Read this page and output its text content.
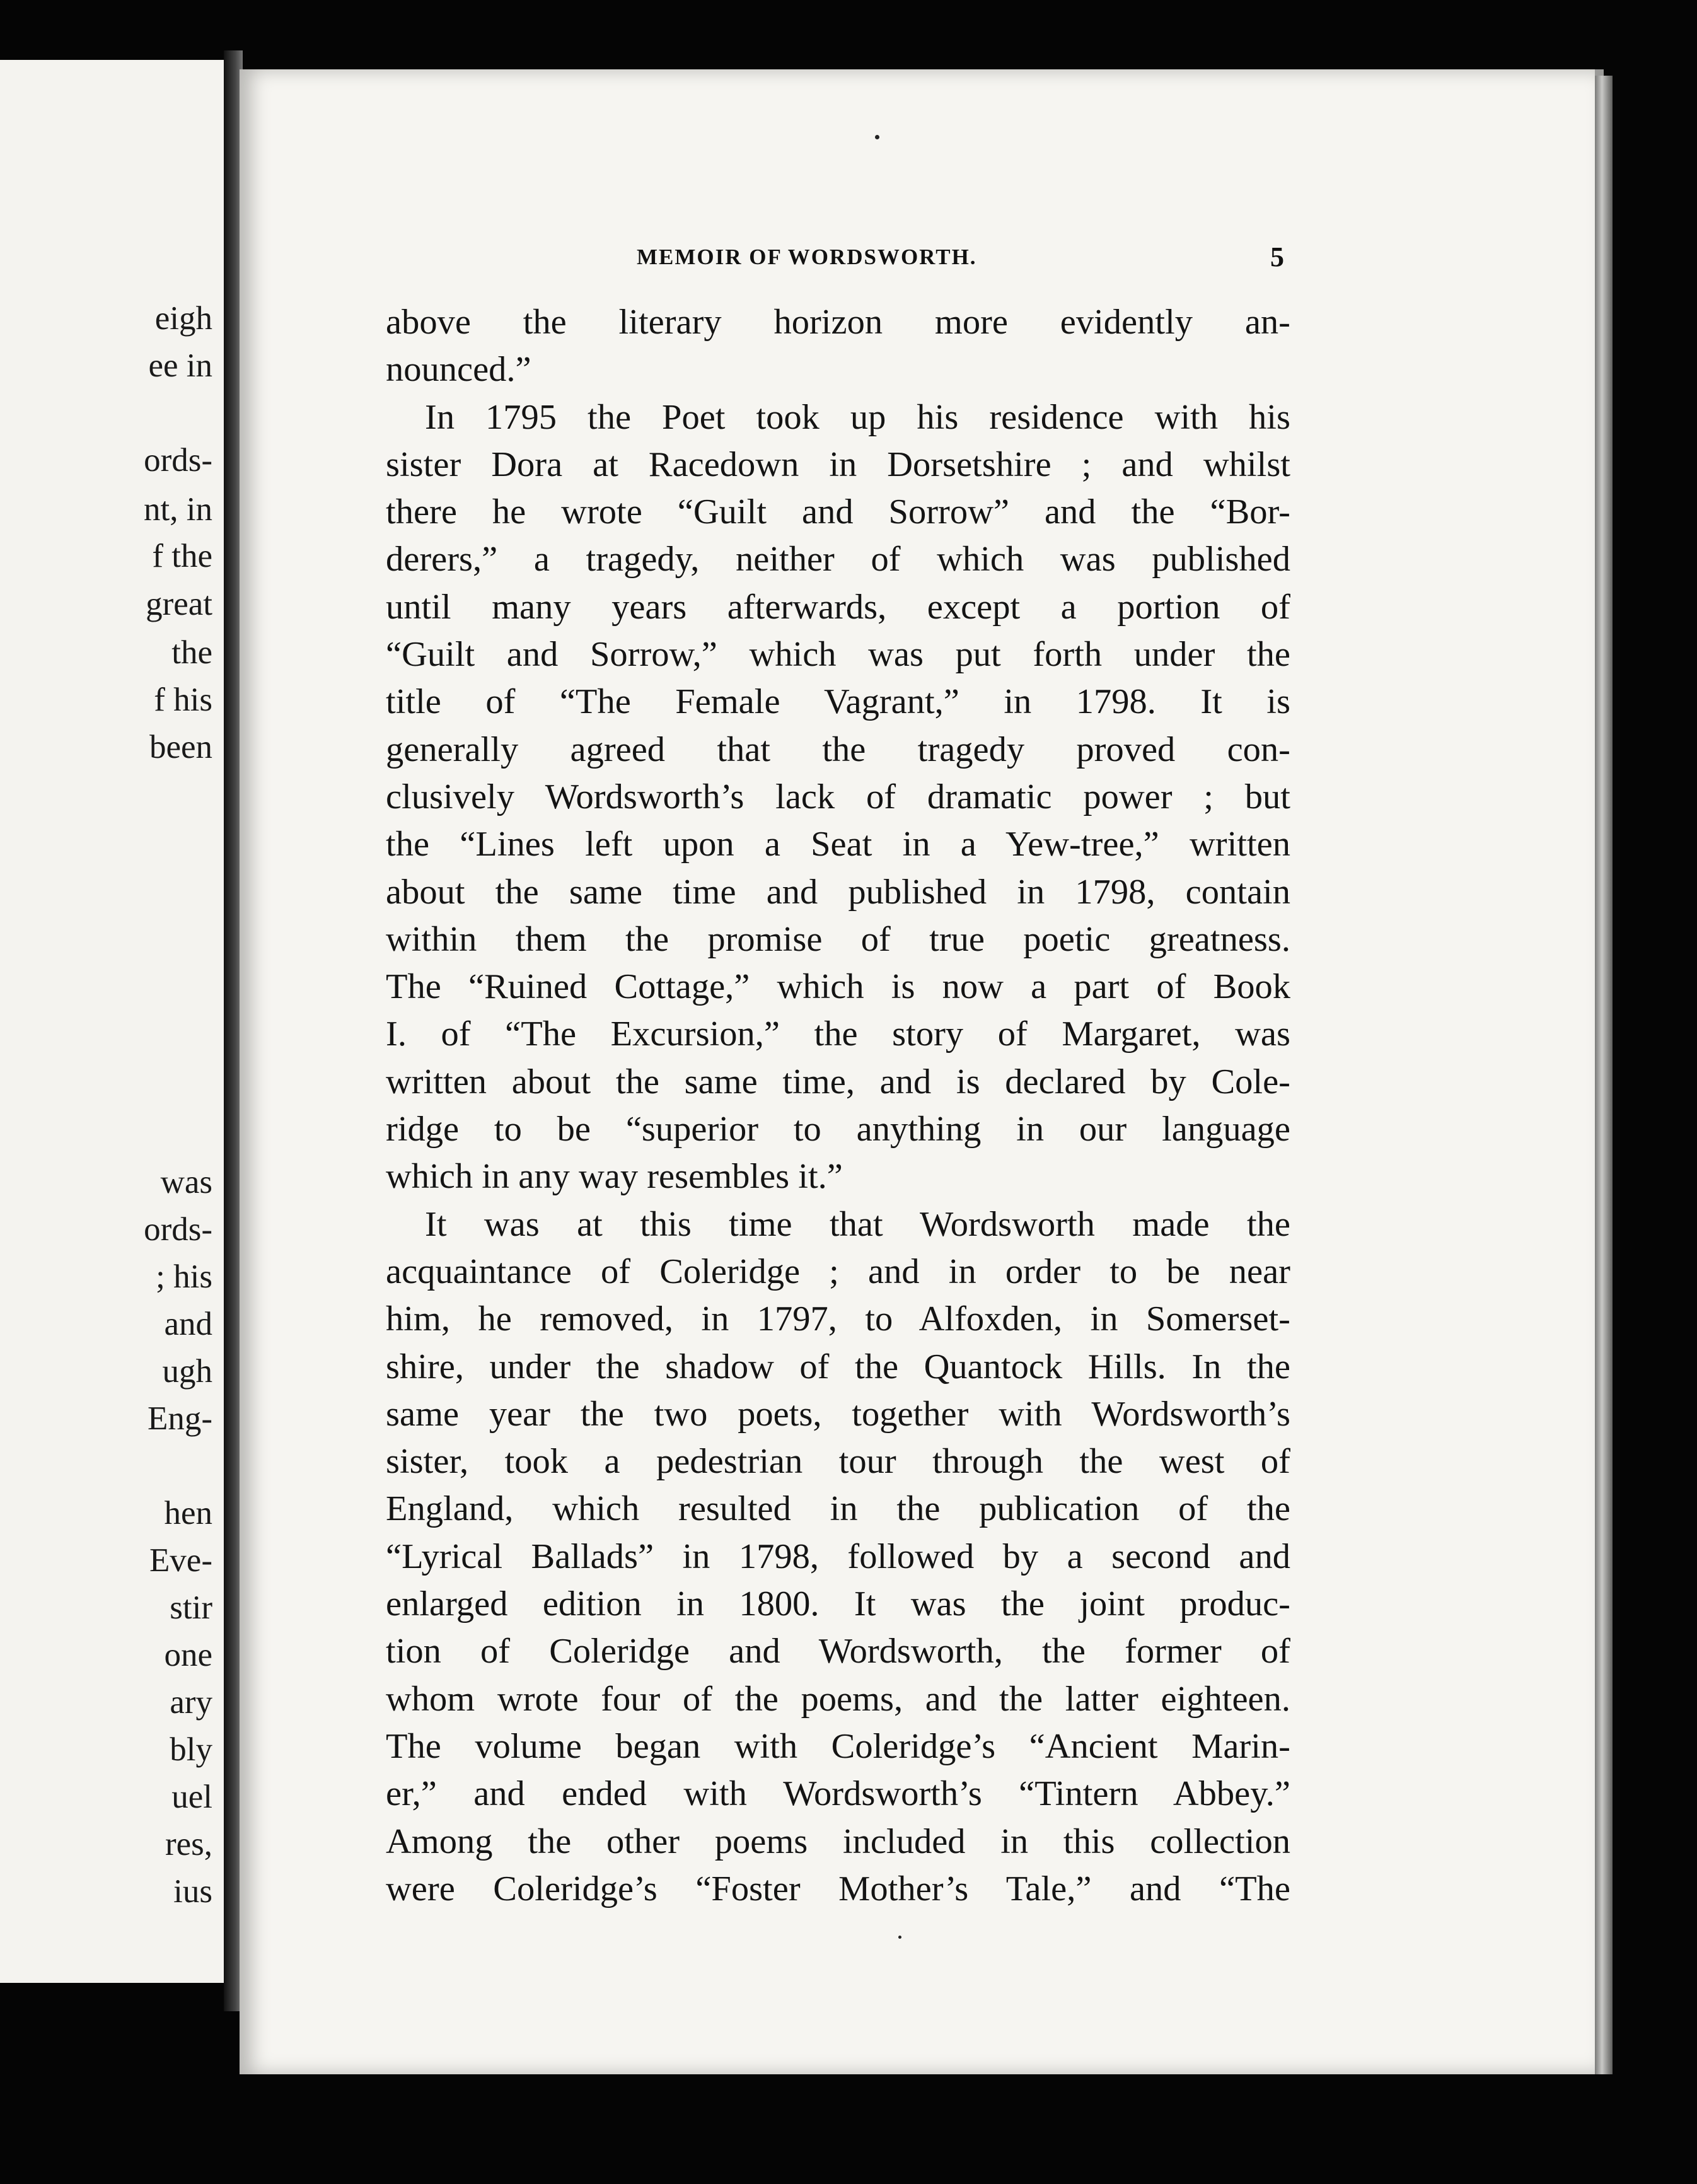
eigh
ee in
ords-
nt, in
f the
great
the
f his
been
was
ords-
; his
and
ugh
Eng-
hen
Eve-
stir
one
ary
bly
uel
res,
ius
MEMOIR OF WORDSWORTH.	5
above the literary horizon more evidently an-
nounced.”
In 1795 the Poet took up his residence with his
sister Dora at Racedown in Dorsetshire ; and whilst
there he wrote “Guilt and Sorrow” and the “Bor-
derers,” a tragedy, neither of which was published
until many years afterwards, except a portion of
“Guilt and Sorrow,” which was put forth under the
title of “The Female Vagrant,” in 1798. It is
generally agreed that the tragedy proved con-
clusively Wordsworth’s lack of dramatic power ; but
the “Lines left upon a Seat in a Yew-tree,” written
about the same time and published in 1798, contain
within them the promise of true poetic greatness.
The “Ruined Cottage,” which is now a part of Book
I. of “The Excursion,” the story of Margaret, was
written about the same time, and is declared by Cole-
ridge to be “superior to anything in our language
which in any way resembles it.”
It was at this time that Wordsworth made the
acquaintance of Coleridge ; and in order to be near
him, he removed, in 1797, to Alfoxden, in Somerset-
shire, under the shadow of the Quantock Hills. In the
same year the two poets, together with Wordsworth’s
sister, took a pedestrian tour through the west of
England, which resulted in the publication of the
“Lyrical Ballads” in 1798, followed by a second and
enlarged edition in 1800. It was the joint produc-
tion of Coleridge and Wordsworth, the former of
whom wrote four of the poems, and the latter eighteen.
The volume began with Coleridge’s “Ancient Marin-
er,” and ended with Wordsworth’s “Tintern Abbey.”
Among the other poems included in this collection
were Coleridge’s “Foster Mother’s Tale,” and “The
